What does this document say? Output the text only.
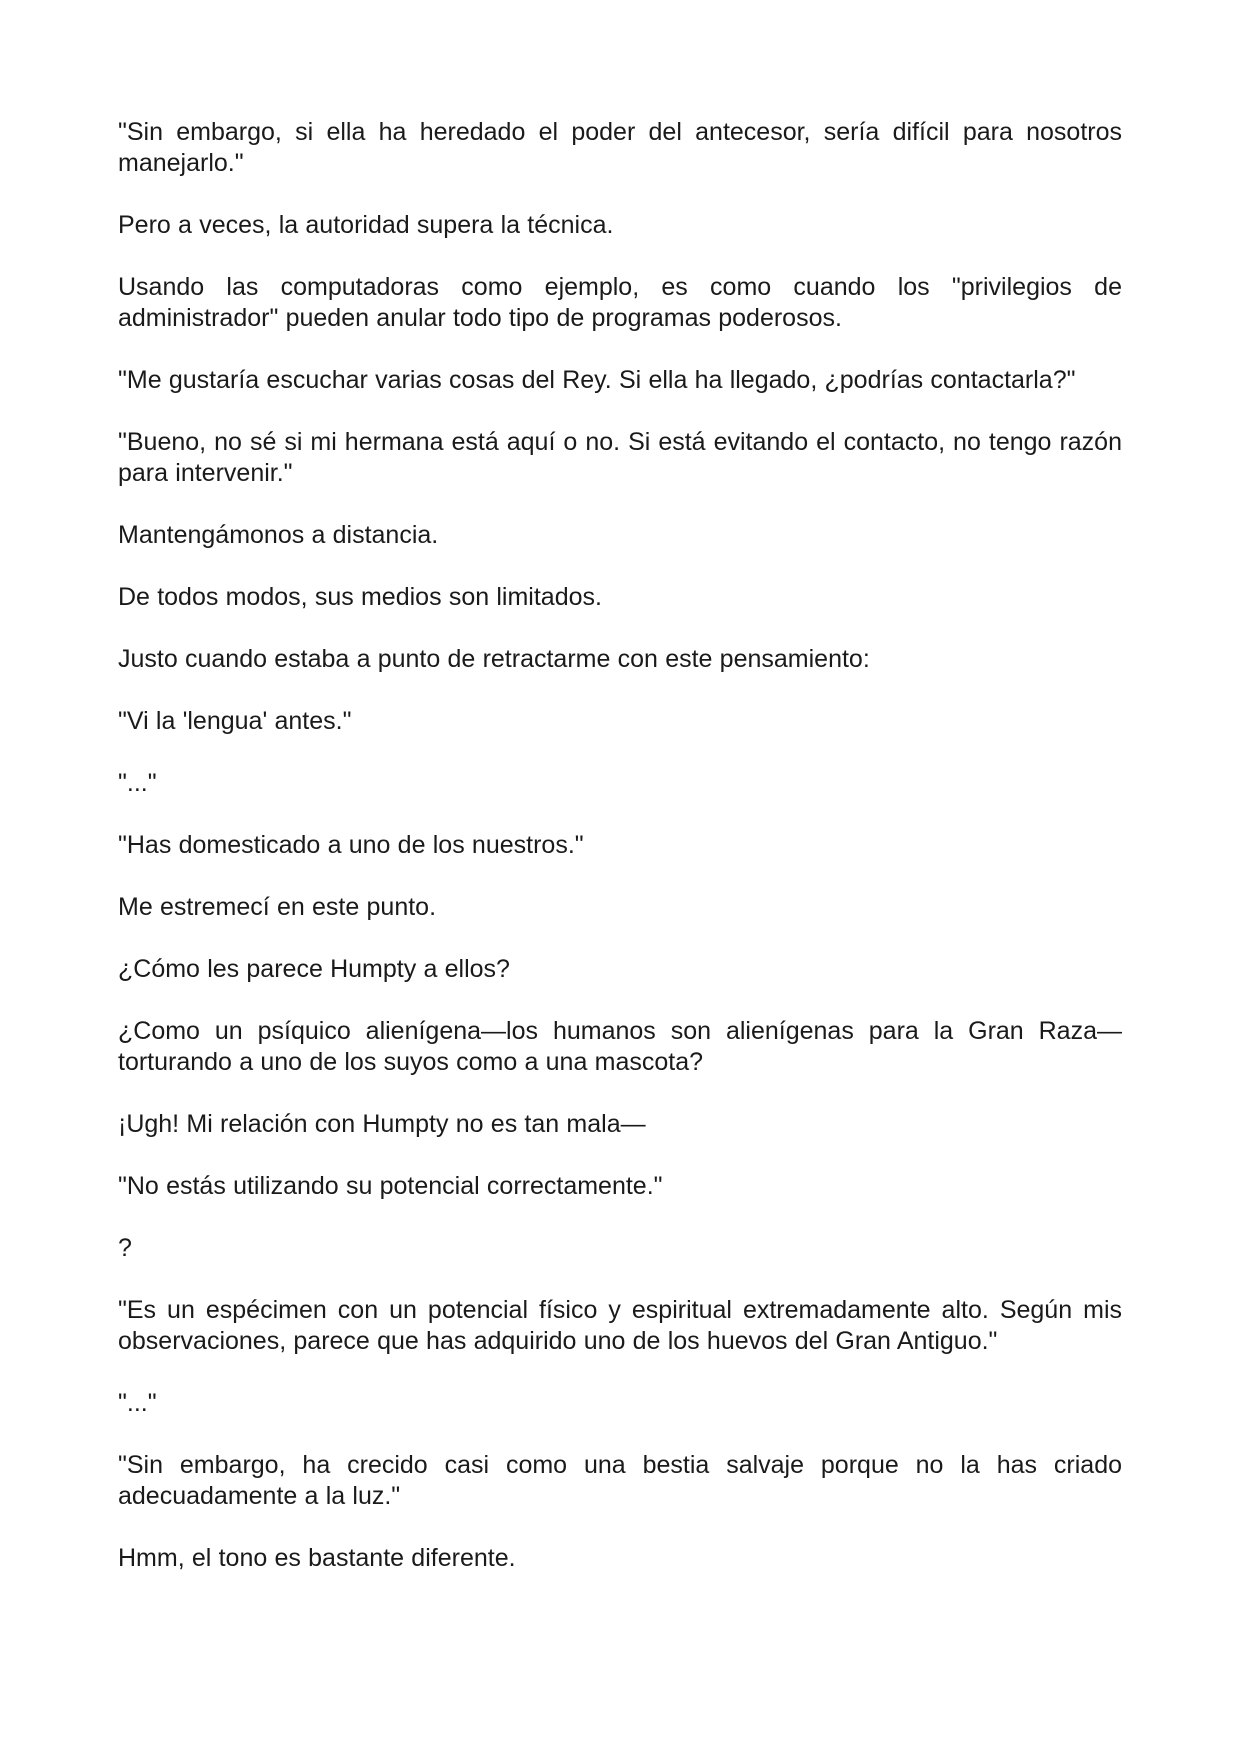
"Sin embargo, si ella ha heredado el poder del antecesor, sería difícil para nosotros manejarlo."

Pero a veces, la autoridad supera la técnica.

Usando las computadoras como ejemplo, es como cuando los "privilegios de administrador" pueden anular todo tipo de programas poderosos.

"Me gustaría escuchar varias cosas del Rey. Si ella ha llegado, ¿podrías contactarla?"

"Bueno, no sé si mi hermana está aquí o no. Si está evitando el contacto, no tengo razón para intervenir."

Mantengámonos a distancia.

De todos modos, sus medios son limitados.

Justo cuando estaba a punto de retractarme con este pensamiento:

"Vi la 'lengua' antes."

"..."

"Has domesticado a uno de los nuestros."

Me estremecí en este punto.

¿Cómo les parece Humpty a ellos?

¿Como un psíquico alienígena—los humanos son alienígenas para la Gran Raza—torturando a uno de los suyos como a una mascota?

¡Ugh! Mi relación con Humpty no es tan mala—

"No estás utilizando su potencial correctamente."

?

"Es un espécimen con un potencial físico y espiritual extremadamente alto. Según mis observaciones, parece que has adquirido uno de los huevos del Gran Antiguo."

"..."

"Sin embargo, ha crecido casi como una bestia salvaje porque no la has criado adecuadamente a la luz."

Hmm, el tono es bastante diferente.
